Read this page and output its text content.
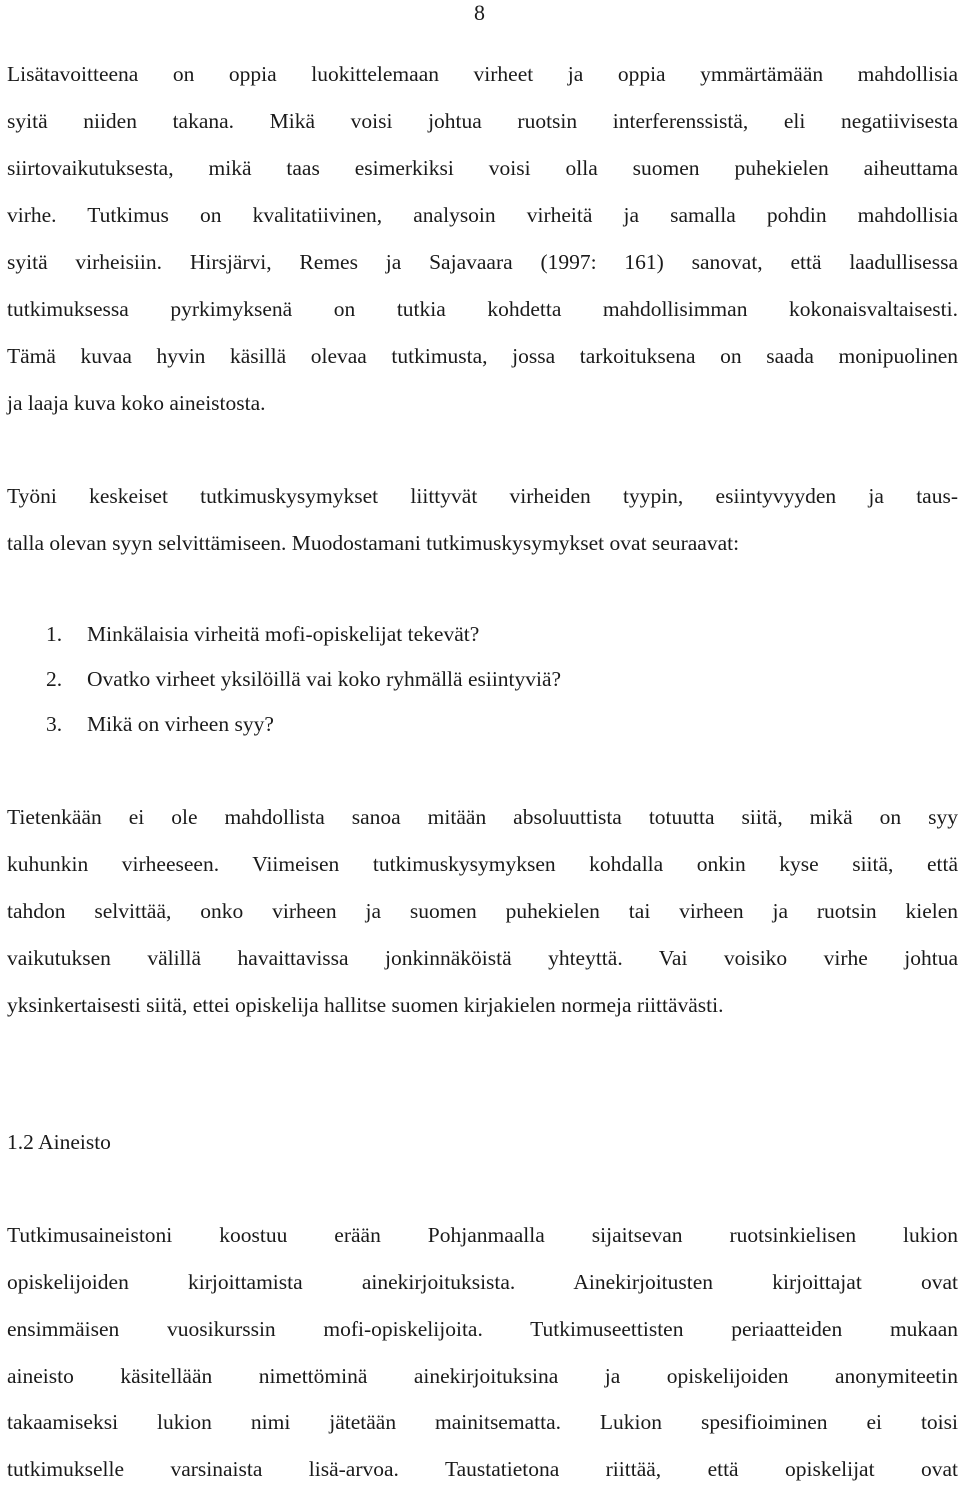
8
Lisätavoitteena on oppia luokittelemaan virheet ja oppia ymmärtämään mahdollisia
syitä niiden takana. Mikä voisi johtua ruotsin interferenssistä, eli negatiivisesta
siirtovaikutuksesta, mikä taas esimerkiksi voisi olla suomen puhekielen aiheuttama
virhe. Tutkimus on kvalitatiivinen, analysoin virheitä ja samalla pohdin mahdollisia
syitä virheisiin. Hirsjärvi, Remes ja Sajavaara (1997: 161) sanovat, että laadullisessa
tutkimuksessa pyrkimyksenä on tutkia kohdetta mahdollisimman kokonaisvaltaisesti.
Tämä kuvaa hyvin käsillä olevaa tutkimusta, jossa tarkoituksena on saada monipuolinen
ja laaja kuva koko aineistosta.
Työni keskeiset tutkimuskysymykset liittyvät virheiden tyypin, esiintyvyyden ja taus-
talla olevan syyn selvittämiseen. Muodostamani tutkimuskysymykset ovat seuraavat:
1. Minkälaisia virheitä mofi-opiskelijat tekevät?
2. Ovatko virheet yksilöillä vai koko ryhmällä esiintyviä?
3. Mikä on virheen syy?
Tietenkään ei ole mahdollista sanoa mitään absoluuttista totuutta siitä, mikä on syy
kuhunkin virheeseen. Viimeisen tutkimuskysymyksen kohdalla onkin kyse siitä, että
tahdon selvittää, onko virheen ja suomen puhekielen tai virheen ja ruotsin kielen
vaikutuksen välillä havaittavissa jonkinnäköistä yhteyttä. Vai voisiko virhe johtua
yksinkertaisesti siitä, ettei opiskelija hallitse suomen kirjakielen normeja riittävästi.
1.2 Aineisto
Tutkimusaineistoni koostuu erään Pohjanmaalla sijaitsevan ruotsinkielisen lukion
opiskelijoiden kirjoittamista ainekirjoituksista. Ainekirjoitusten kirjoittajat ovat
ensimmäisen vuosikurssin mofi-opiskelijoita. Tutkimuseettisten periaatteiden mukaan
aineisto käsitellään nimettöminä ainekirjoituksina ja opiskelijoiden anonymiteetin
takaamiseksi lukion nimi jätetään mainitsematta. Lukion spesifioiminen ei toisi
tutkimukselle varsinaista lisä-arvoa. Taustatietona riittää, että opiskelijat ovat
